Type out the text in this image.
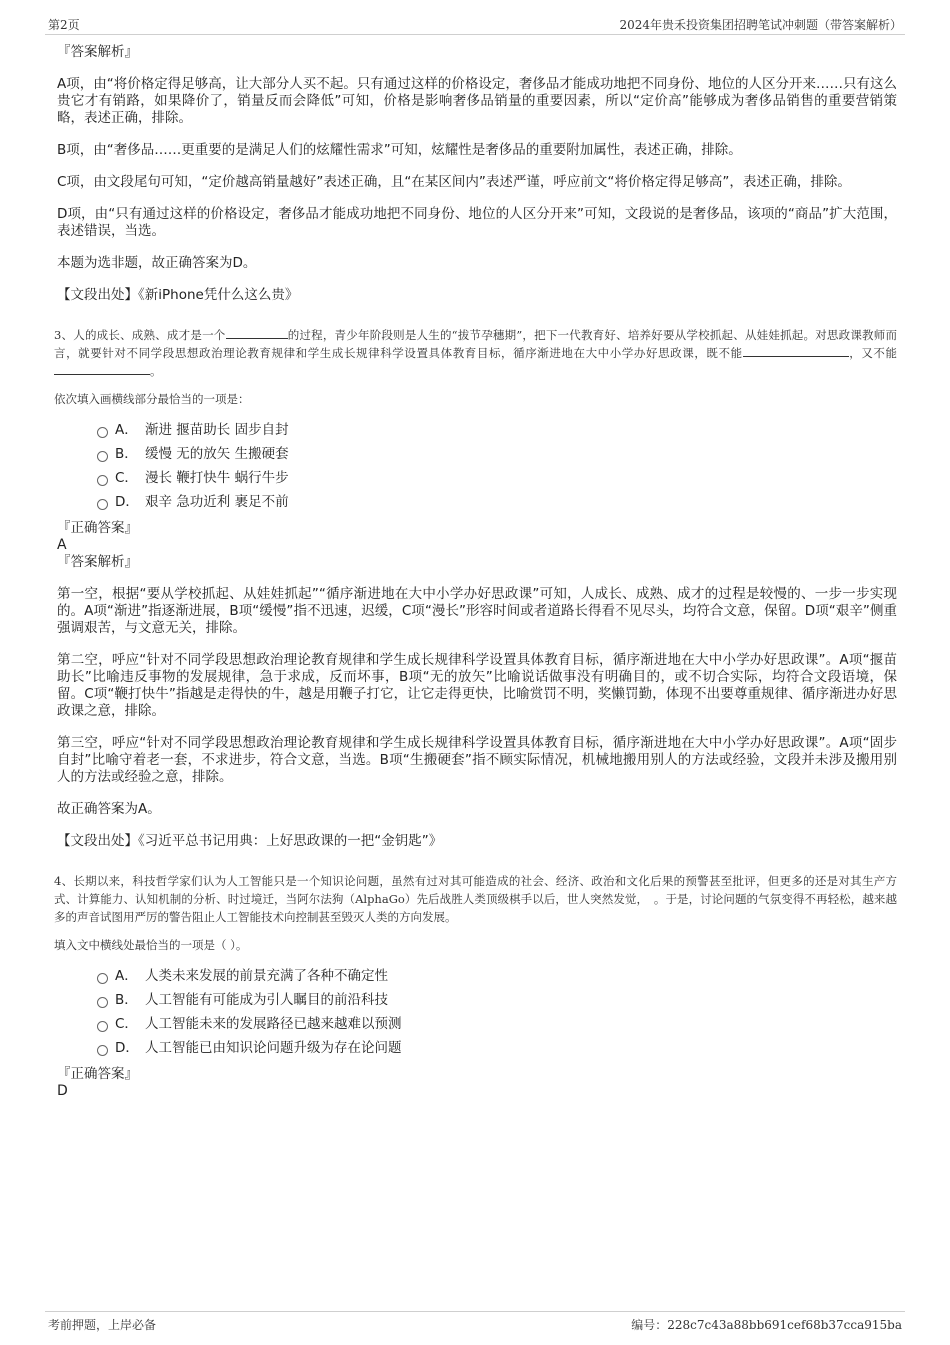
第2页	2024年贵禾投资集团招聘笔试冲刺题（带答案解析）
『答案解析』

A项，由“将价格定得足够高，让大部分人买不起。只有通过这样的价格设定，奢侈品才能成功地把不同身份、地位的人区分开来……只有这么贵它才有销路，如果降价了，销量反而会降低”可知，价格是影响奢侈品销量的重要因素，所以“定价高”能够成为奢侈品销售的重要营销策略，表述正确，排除。

B项，由“奢侈品……更重要的是满足人们的炫耀性需求”可知，炫耀性是奢侈品的重要附加属性，表述正确，排除。

C项，由文段尾句可知，“定价越高销量越好”表述正确，且“在某区间内”表述严谨，呼应前文“将价格定得足够高”，表述正确，排除。

D项，由“只有通过这样的价格设定，奢侈品才能成功地把不同身份、地位的人区分开来”可知，文段说的是奢侈品，该项的“商品”扩大范围，表述错误，当选。

本题为选非题，故正确答案为D。

【文段出处】《新iPhone凭什么这么贵》

3、人的成长、成熟、成才是一个	的过程，青少年阶段则是人生的“拔节孕穗期”，把下一代教育好、培养好要从学校抓起、从娃娃抓起。对思政课教师而言，就要针对不同学段思想政治理论教育规律和学生成长规律科学设置具体教育目标，循序渐进地在大中小学办好思政课，既不能	，又不能。

依次填入画横线部分最恰当的一项是：
A． 渐进 揠苗助长 固步自封
B． 缓慢 无的放矢 生搬硬套
C． 漫长 鞭打快牛 蜗行牛步
D． 艰辛 急功近利 裹足不前
『正确答案』
A
『答案解析』

第一空，根据“要从学校抓起、从娃娃抓起”“循序渐进地在大中小学办好思政课”可知，人成长、成熟、成才的过程是较慢的、一步一步实现的。A项“渐进”指逐渐进展，B项“缓慢”指不迅速，迟缓，C项“漫长”形容时间或者道路长得看不见尽头，均符合文意，保留。D项“艰辛”侧重强调艰苦，与文意无关，排除。

第二空，呼应“针对不同学段思想政治理论教育规律和学生成长规律科学设置具体教育目标，循序渐进地在大中小学办好思政课”。A项“揠苗助长”比喻违反事物的发展规律，急于求成，反而坏事，B项“无的放矢”比喻说话做事没有明确目的，或不切合实际，均符合文段语境，保留。C项“鞭打快牛”指越是走得快的牛，越是用鞭子打它，让它走得更快，比喻赏罚不明，奖懒罚勤，体现不出要尊重规律、循序渐进办好思政课之意，排除。

第三空，呼应“针对不同学段思想政治理论教育规律和学生成长规律科学设置具体教育目标，循序渐进地在大中小学办好思政课”。A项“固步自封”比喻守着老一套，不求进步，符合文意，当选。B项“生搬硬套”指不顾实际情况，机械地搬用别人的方法或经验，文段并未涉及搬用别人的方法或经验之意，排除。

故正确答案为A。

【文段出处】《习近平总书记用典：上好思政课的一把“金钥匙”》

4、长期以来，科技哲学家们认为人工智能只是一个知识论问题，虽然有过对其可能造成的社会、经济、政治和文化后果的预警甚至批评，但更多的还是对其生产方式、计算能力、认知机制的分析、时过境迁，当阿尔法狗（AlphaGo）先后战胜人类顶级棋手以后，世人突然发觉，　。于是，讨论问题的气氛变得不再轻松，越来越多的声音试图用严厉的警告阻止人工智能技术向控制甚至毁灭人类的方向发展。

填入文中横线处最恰当的一项是（ ）。
A． 人类未来发展的前景充满了各种不确定性
B． 人工智能有可能成为引人瞩目的前沿科技
C． 人工智能未来的发展路径已越来越难以预测
D． 人工智能已由知识论问题升级为存在论问题
『正确答案』
D
考前押题，上岸必备	编号：228c7c43a88bb691cef68b37cca915ba
